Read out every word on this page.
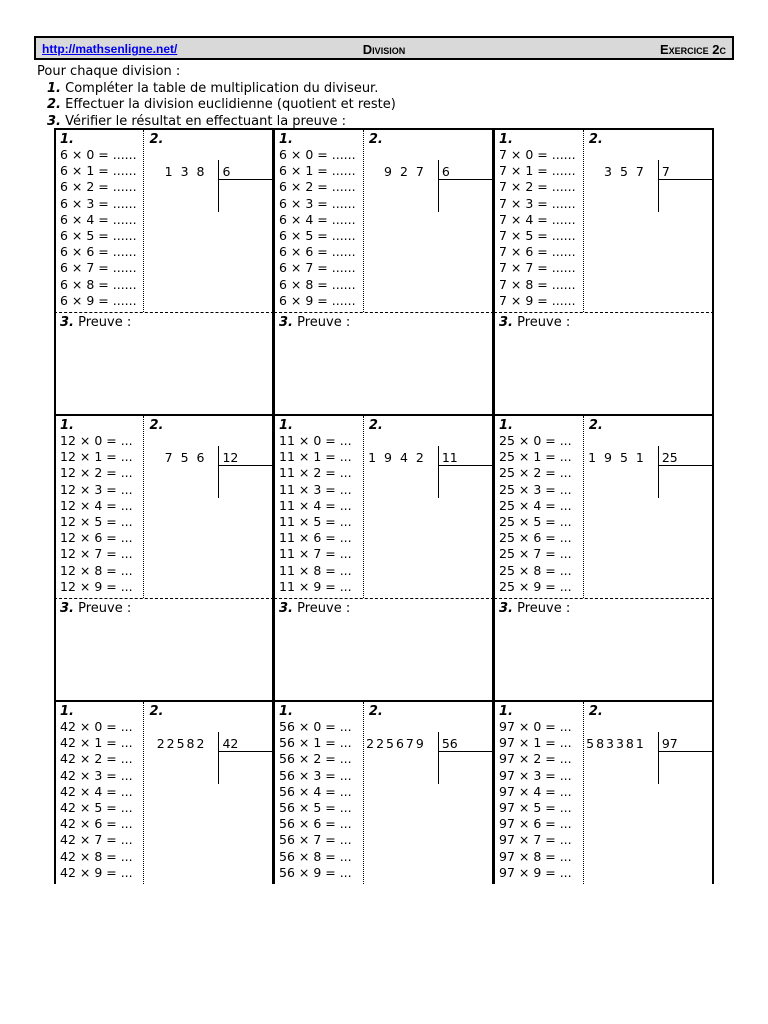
http://mathsenligne.net/	Division	Exercice 2c
Pour chaque division :
1. Compléter la table de multiplication du diviseur.
2. Effectuer la division euclidienne (quotient et reste)
3. Vérifier le résultat en effectuant la preuve :
1.
6 × 0 = ......
6 × 1 = ......
6 × 2 = ......
6 × 3 = ......
6 × 4 = ......
6 × 5 = ......
6 × 6 = ......
6 × 7 = ......
6 × 8 = ......
6 × 9 = ......
2.
1 3 8 6
3. Preuve :
1.
6 × 0 = ......
6 × 1 = ......
6 × 2 = ......
6 × 3 = ......
6 × 4 = ......
6 × 5 = ......
6 × 6 = ......
6 × 7 = ......
6 × 8 = ......
6 × 9 = ......
2.
9 2 7 6
3. Preuve :
1.
7 × 0 = ......
7 × 1 = ......
7 × 2 = ......
7 × 3 = ......
7 × 4 = ......
7 × 5 = ......
7 × 6 = ......
7 × 7 = ......
7 × 8 = ......
7 × 9 = ......
2.
3 5 7 7
3. Preuve :
1.
12 × 0 = ...
12 × 1 = ...
12 × 2 = ...
12 × 3 = ...
12 × 4 = ...
12 × 5 = ...
12 × 6 = ...
12 × 7 = ...
12 × 8 = ...
12 × 9 = ...
2.
7 5 6 12
3. Preuve :
1.
11 × 0 = ...
11 × 1 = ...
11 × 2 = ...
11 × 3 = ...
11 × 4 = ...
11 × 5 = ...
11 × 6 = ...
11 × 7 = ...
11 × 8 = ...
11 × 9 = ...
2.
1 9 4 2 11
3. Preuve :
1.
25 × 0 = ...
25 × 1 = ...
25 × 2 = ...
25 × 3 = ...
25 × 4 = ...
25 × 5 = ...
25 × 6 = ...
25 × 7 = ...
25 × 8 = ...
25 × 9 = ...
2.
1 9 5 1 25
3. Preuve :
1.
42 × 0 = ...
42 × 1 = ...
42 × 2 = ...
42 × 3 = ...
42 × 4 = ...
42 × 5 = ...
42 × 6 = ...
42 × 7 = ...
42 × 8 = ...
42 × 9 = ...
2.
22582 42
1.
56 × 0 = ...
56 × 1 = ...
56 × 2 = ...
56 × 3 = ...
56 × 4 = ...
56 × 5 = ...
56 × 6 = ...
56 × 7 = ...
56 × 8 = ...
56 × 9 = ...
2.
225679 56
1.
97 × 0 = ...
97 × 1 = ...
97 × 2 = ...
97 × 3 = ...
97 × 4 = ...
97 × 5 = ...
97 × 6 = ...
97 × 7 = ...
97 × 8 = ...
97 × 9 = ...
2.
583381 97
